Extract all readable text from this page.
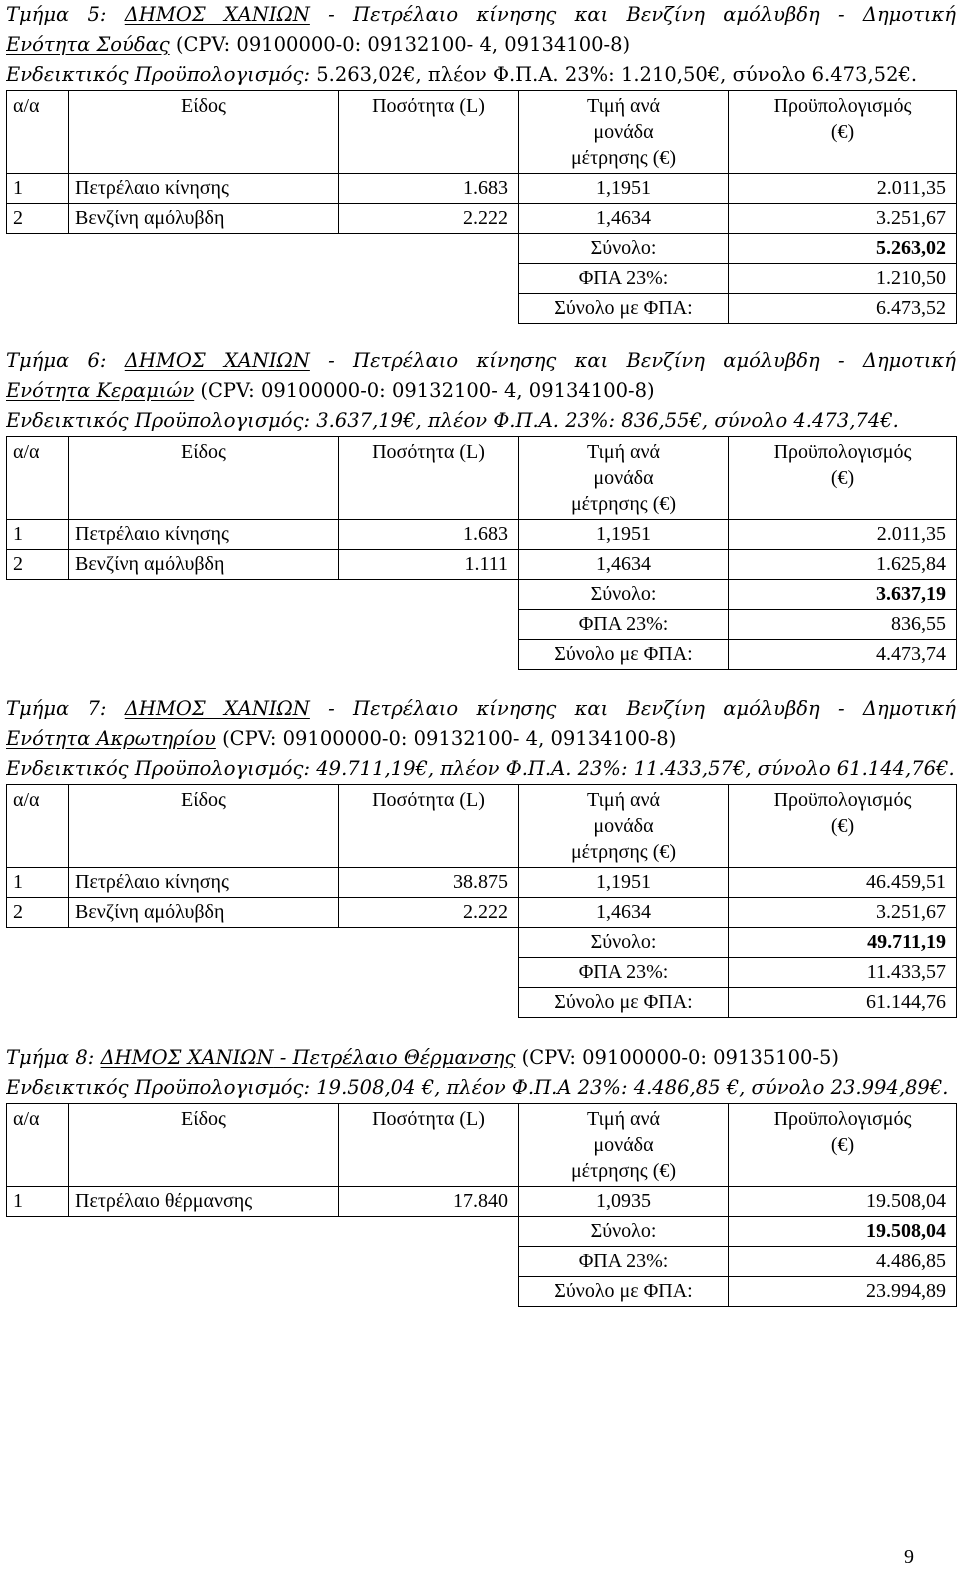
Τμήμα 5: ΔΗΜΟΣ ΧΑΝΙΩΝ - Πετρέλαιο κίνησης και Βενζίνη αμόλυβδη - Δημοτική
Ενότητα Σούδας (CPV: 09100000-0: 09132100- 4, 09134100-8)
Ενδεικτικός Προϋπολογισμός: 5.263,02€, πλέον Φ.Π.Α. 23%: 1.210,50€, σύνολο 6.473,52€.
α/α	Είδος	Ποσότητα (L)	Τιμή ανά
μονάδα
μέτρησης (€)	Προϋπολογισμός
(€)
1	Πετρέλαιο κίνησης	1.683	1,1951	2.011,35
2	Βενζίνη αμόλυβδη	2.222	1,4634	3.251,67
			Σύνολο:	5.263,02
			ΦΠΑ 23%:	1.210,50
			Σύνολο με ΦΠΑ:	6.473,52
Τμήμα 6: ΔΗΜΟΣ ΧΑΝΙΩΝ - Πετρέλαιο κίνησης και Βενζίνη αμόλυβδη - Δημοτική
Ενότητα Κεραμιών (CPV: 09100000-0: 09132100- 4, 09134100-8)
Ενδεικτικός Προϋπολογισμός: 3.637,19€, πλέον Φ.Π.Α. 23%: 836,55€, σύνολο 4.473,74€.
α/α	Είδος	Ποσότητα (L)	Τιμή ανά
μονάδα
μέτρησης (€)	Προϋπολογισμός
(€)
1	Πετρέλαιο κίνησης	1.683	1,1951	2.011,35
2	Βενζίνη αμόλυβδη	1.111	1,4634	1.625,84
			Σύνολο:	3.637,19
			ΦΠΑ 23%:	836,55
			Σύνολο με ΦΠΑ:	4.473,74
Τμήμα 7: ΔΗΜΟΣ ΧΑΝΙΩΝ - Πετρέλαιο κίνησης και Βενζίνη αμόλυβδη - Δημοτική
Ενότητα Ακρωτηρίου (CPV: 09100000-0: 09132100- 4, 09134100-8)
Ενδεικτικός Προϋπολογισμός: 49.711,19€, πλέον Φ.Π.Α. 23%: 11.433,57€, σύνολο 61.144,76€.
α/α	Είδος	Ποσότητα (L)	Τιμή ανά
μονάδα
μέτρησης (€)	Προϋπολογισμός
(€)
1	Πετρέλαιο κίνησης	38.875	1,1951	46.459,51
2	Βενζίνη αμόλυβδη	2.222	1,4634	3.251,67
			Σύνολο:	49.711,19
			ΦΠΑ 23%:	11.433,57
			Σύνολο με ΦΠΑ:	61.144,76
Τμήμα 8: ΔΗΜΟΣ ΧΑΝΙΩΝ - Πετρέλαιο Θέρμανσης (CPV: 09100000-0: 09135100-5)
Ενδεικτικός Προϋπολογισμός: 19.508,04 €, πλέον Φ.Π.Α 23%: 4.486,85 €, σύνολο 23.994,89€.
α/α	Είδος	Ποσότητα (L)	Τιμή ανά
μονάδα
μέτρησης (€)	Προϋπολογισμός
(€)
1	Πετρέλαιο θέρμανσης	17.840	1,0935	19.508,04
			Σύνολο:	19.508,04
			ΦΠΑ 23%:	4.486,85
			Σύνολο με ΦΠΑ:	23.994,89
9
